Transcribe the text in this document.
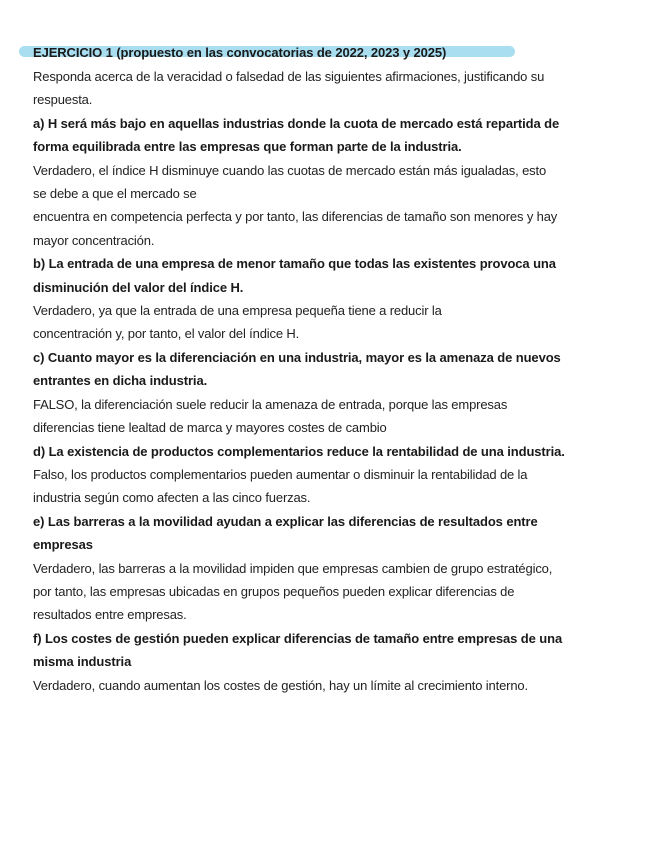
EJERCICIO 1 (propuesto en las convocatorias de 2022, 2023 y 2025)
Responda acerca de la veracidad o falsedad de las siguientes afirmaciones, justificando su
respuesta.
a) H será más bajo en aquellas industrias donde la cuota de mercado está repartida de
forma equilibrada entre las empresas que forman parte de la industria.
Verdadero, el índice H disminuye cuando las cuotas de mercado están más igualadas, esto
se debe a que el mercado se
encuentra en competencia perfecta y por tanto, las diferencias de tamaño son menores y hay
mayor concentración.
b) La entrada de una empresa de menor tamaño que todas las existentes provoca una
disminución del valor del índice H.
Verdadero, ya que la entrada de una empresa pequeña tiene a reducir la
concentración y, por tanto, el valor del índice H.
c) Cuanto mayor es la diferenciación en una industria, mayor es la amenaza de nuevos
entrantes en dicha industria.
FALSO, la diferenciación suele reducir la amenaza de entrada, porque las empresas
diferencias tiene lealtad de marca y mayores costes de cambio
d) La existencia de productos complementarios reduce la rentabilidad de una industria.
Falso, los productos complementarios pueden aumentar o disminuir la rentabilidad de la
industria según como afecten a las cinco fuerzas.
e) Las barreras a la movilidad ayudan a explicar las diferencias de resultados entre
empresas
Verdadero, las barreras a la movilidad impiden que empresas cambien de grupo estratégico,
por tanto, las empresas ubicadas en grupos pequeños pueden explicar diferencias de
resultados entre empresas.
f) Los costes de gestión pueden explicar diferencias de tamaño entre empresas de una
misma industria
Verdadero, cuando aumentan los costes de gestión, hay un límite al crecimiento interno.
